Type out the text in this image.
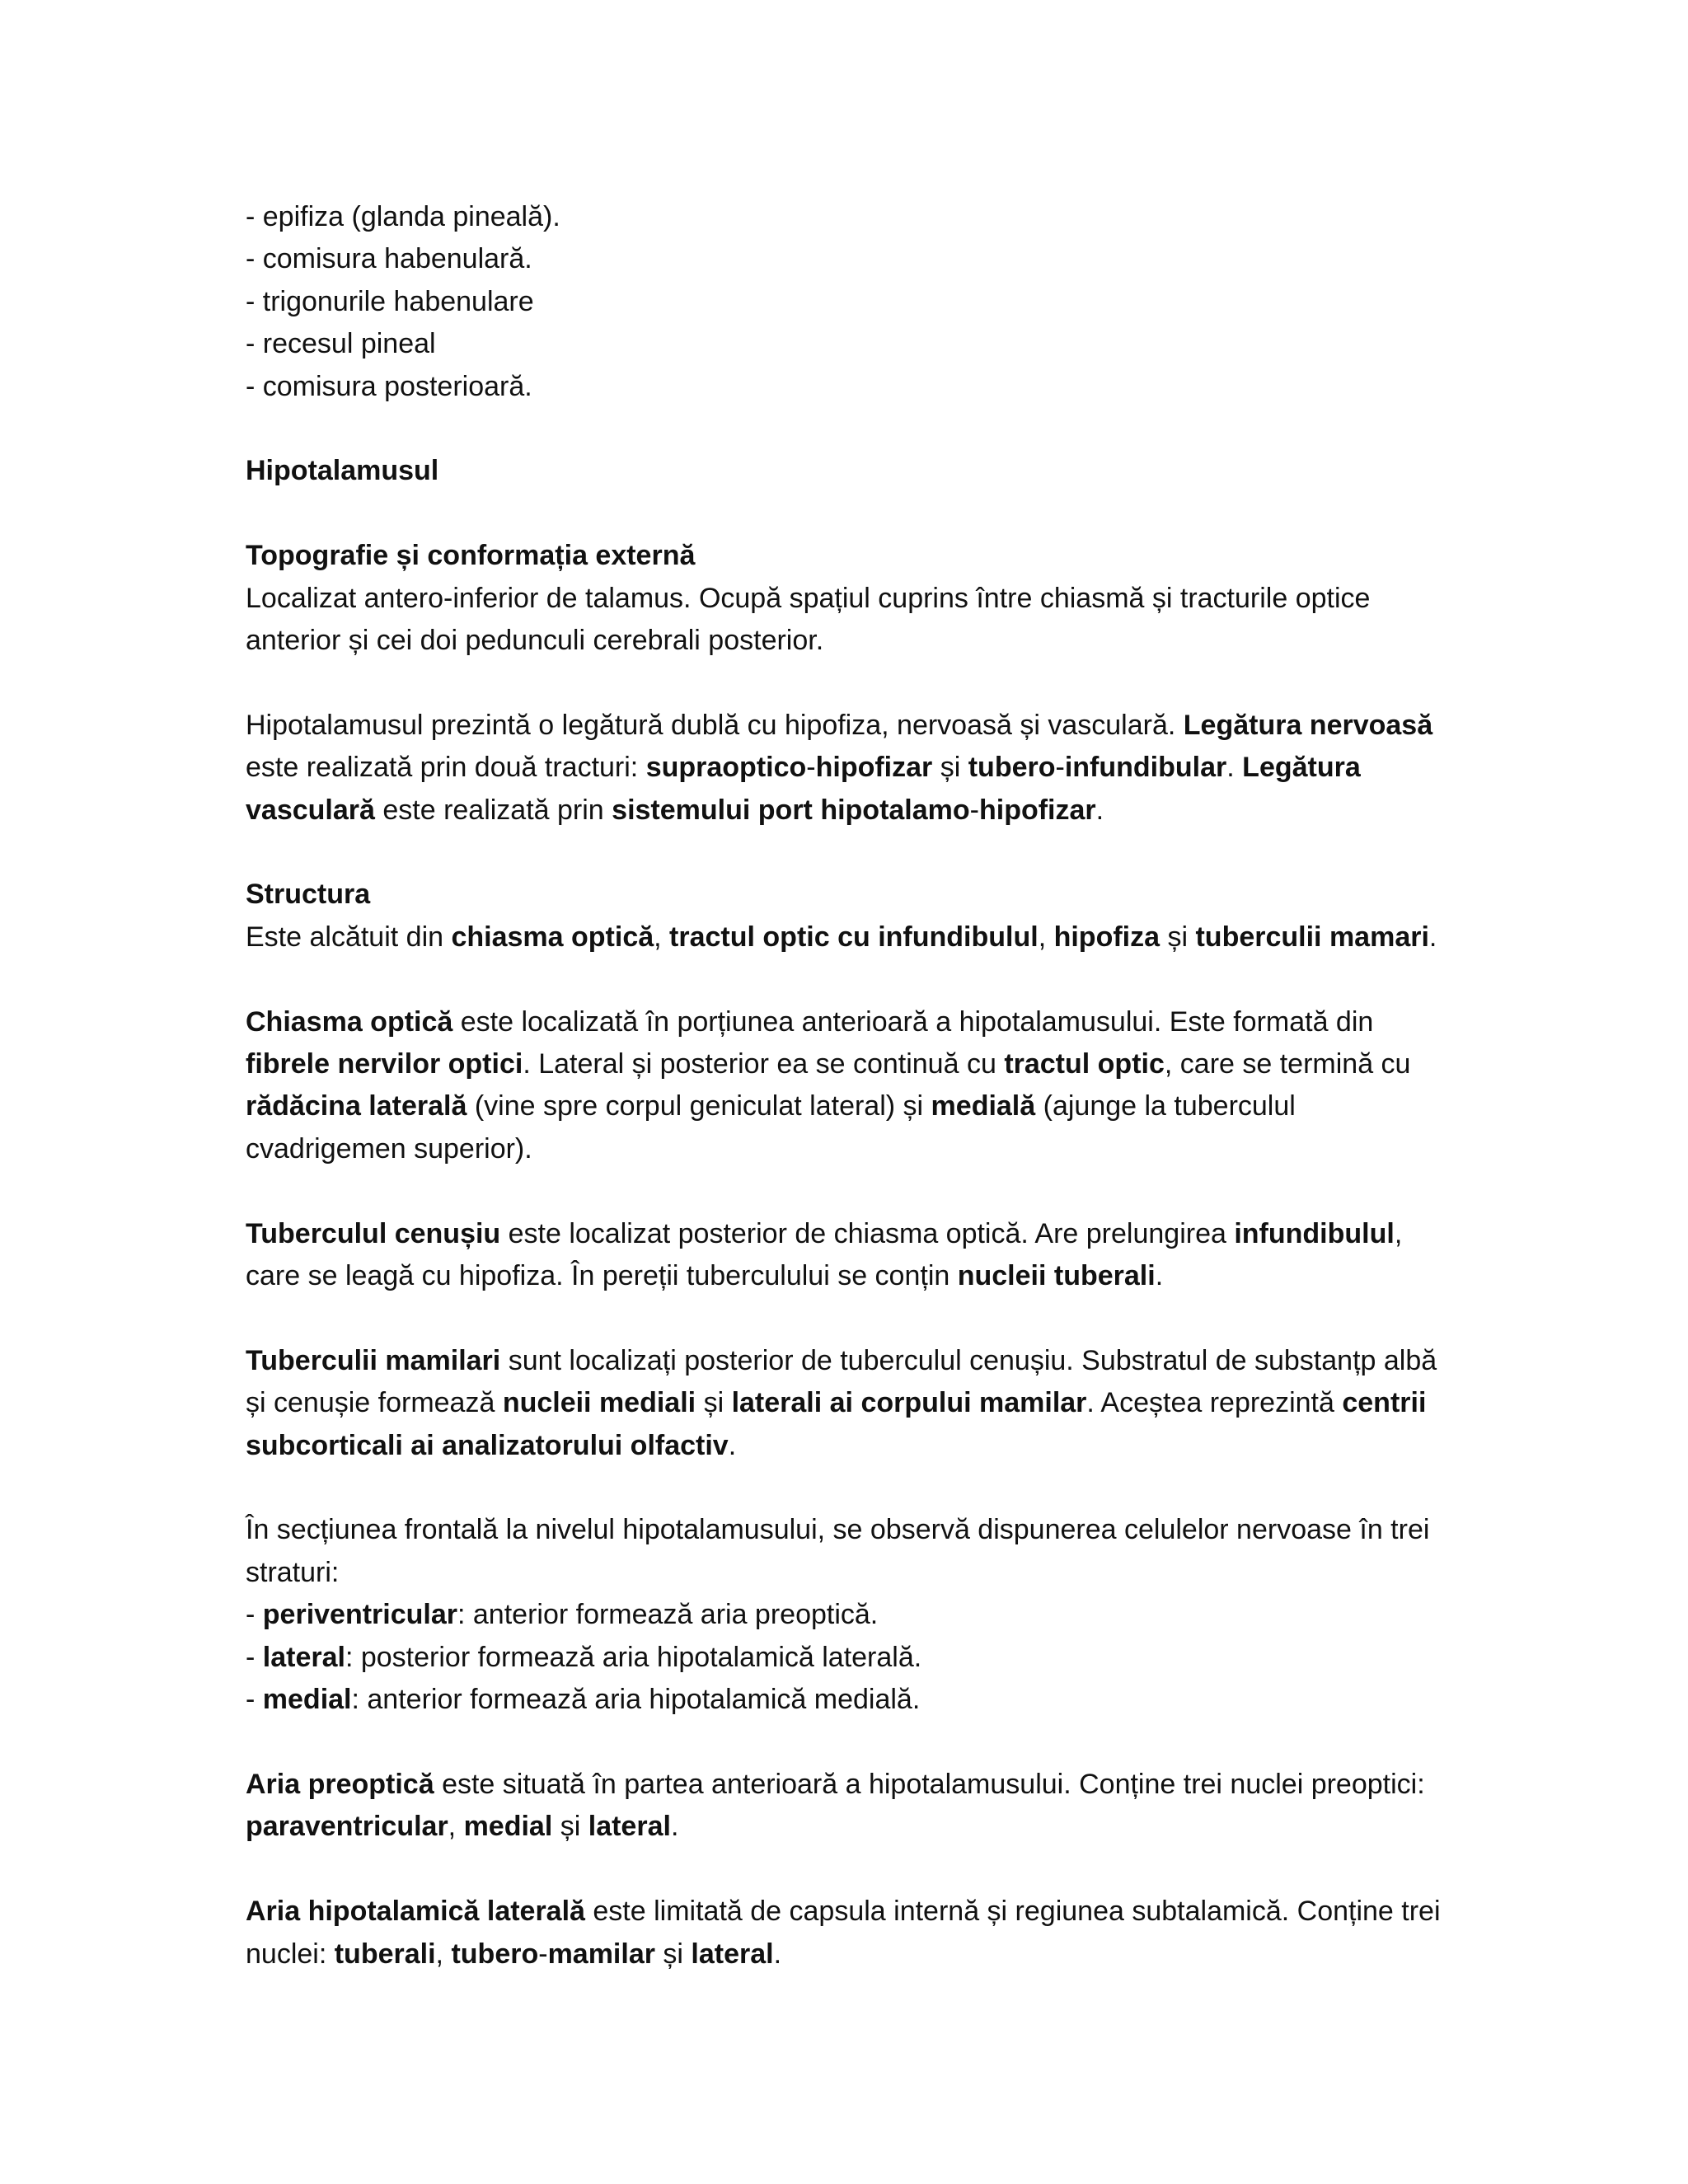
- epifiza (glanda pineală).

- comisura habenulară.

- trigonurile habenulare

- recesul pineal

- comisura posterioară.

Hipotalamusul

Topografie și conformația externă

Localizat antero-inferior de talamus. Ocupă spațiul cuprins între chiasmă și tracturile optice anterior și cei doi pedunculi cerebrali posterior.

Hipotalamusul prezintă o legătură dublă cu hipofiza, nervoasă și vasculară. Legătura nervoasă este realizată prin două tracturi: supraoptico-hipofizar și tubero-infundibular. Legătura vasculară este realizată prin sistemului port hipotalamo-hipofizar.

Structura

Este alcătuit din chiasma optică, tractul optic cu infundibulul, hipofiza și tuberculii mamari.

Chiasma optică este localizată în porțiunea anterioară a hipotalamusului. Este formată din fibrele nervilor optici. Lateral și posterior ea se continuă cu tractul optic, care se termină cu rădăcina laterală (vine spre corpul geniculat lateral) și medială (ajunge la tuberculul cvadrigemen superior).

Tuberculul cenușiu este localizat posterior de chiasma optică. Are prelungirea infundibulul, care se leagă cu hipofiza. În pereții tuberculului se conțin nucleii tuberali.

Tuberculii mamilari sunt localizați posterior de tuberculul cenușiu. Substratul de substanțp albă și cenușie formează nucleii mediali și laterali ai corpului mamilar. Aceștea reprezintă centrii subcorticali ai analizatorului olfactiv.

În secțiunea frontală la nivelul hipotalamusului, se observă dispunerea celulelor nervoase în trei straturi:

- periventricular: anterior formează aria preoptică.

- lateral: posterior formează aria hipotalamică laterală.

- medial: anterior formează aria hipotalamică medială.

Aria preoptică este situată în partea anterioară a hipotalamusului. Conține trei nuclei preoptici: paraventricular, medial și lateral.

Aria hipotalamică laterală este limitată de capsula internă și regiunea subtalamică. Conține trei nuclei: tuberali, tubero-mamilar și lateral.
